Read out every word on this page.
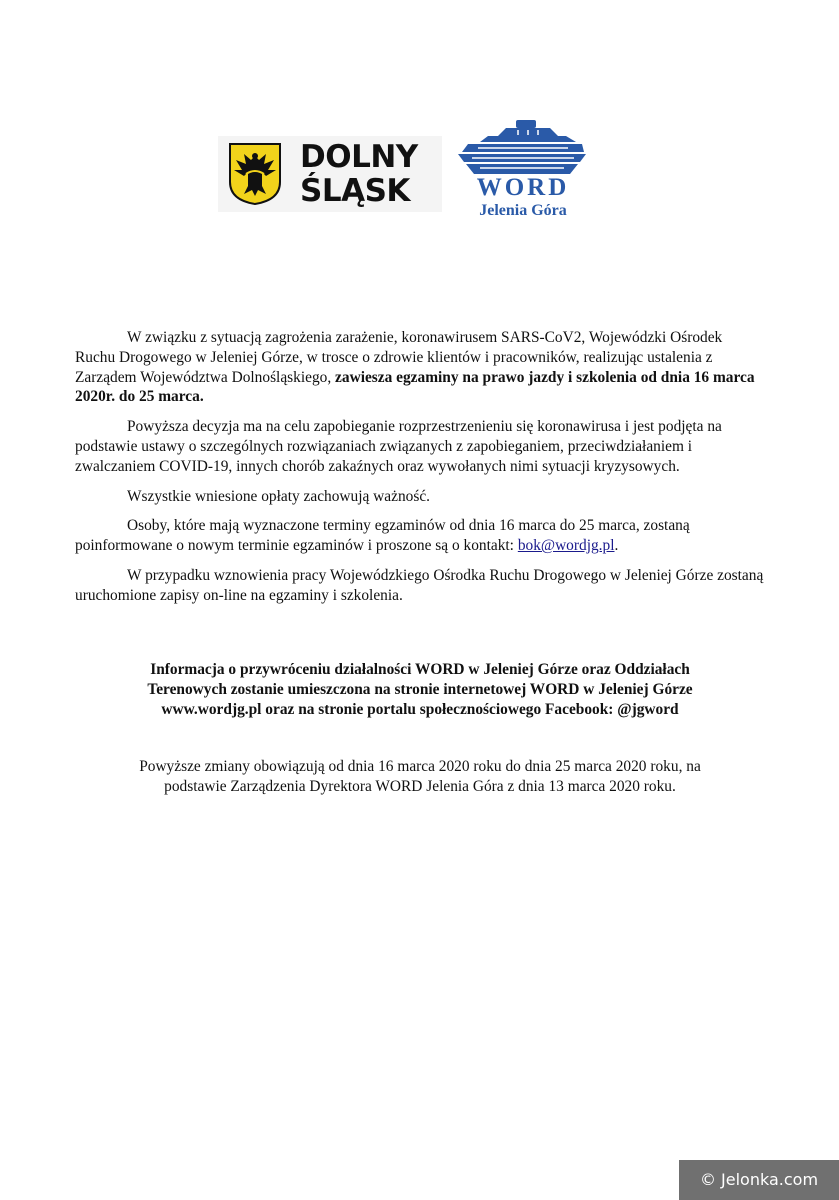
DOLNY
ŚLĄSK	WORD
Jelenia Góra

W związku z sytuacją zagrożenia zarażenie, koronawirusem SARS-CoV2, Wojewódzki Ośrodek Ruchu Drogowego w Jeleniej Górze, w trosce o zdrowie klientów i pracowników, realizując ustalenia z Zarządem Województwa Dolnośląskiego, zawiesza egzaminy na prawo jazdy i szkolenia od dnia 16 marca 2020r. do 25 marca.

Powyższa decyzja ma na celu zapobieganie rozprzestrzenieniu się koronawirusa i jest podjęta na podstawie ustawy o szczególnych rozwiązaniach związanych z zapobieganiem, przeciwdziałaniem i zwalczaniem COVID-19, innych chorób zakaźnych oraz wywołanych nimi sytuacji kryzysowych.

Wszystkie wniesione opłaty zachowują ważność.

Osoby, które mają wyznaczone terminy egzaminów od dnia 16 marca do 25 marca, zostaną poinformowane o nowym terminie egzaminów i proszone są o kontakt: bok@wordjg.pl.

W przypadku wznowienia pracy Wojewódzkiego Ośrodka Ruchu Drogowego w Jeleniej Górze zostaną uruchomione zapisy on-line na egzaminy i szkolenia.

Informacja o przywróceniu działalności WORD w Jeleniej Górze oraz Oddziałach
Terenowych zostanie umieszczona na stronie internetowej WORD w Jeleniej Górze
www.wordjg.pl oraz na stronie portalu społecznościowego Facebook: @jgword
Powyższe zmiany obowiązują od dnia 16 marca 2020 roku do dnia 25 marca 2020 roku, na
podstawie Zarządzenia Dyrektora WORD Jelenia Góra z dnia 13 marca 2020 roku.
© Jelonka.com
